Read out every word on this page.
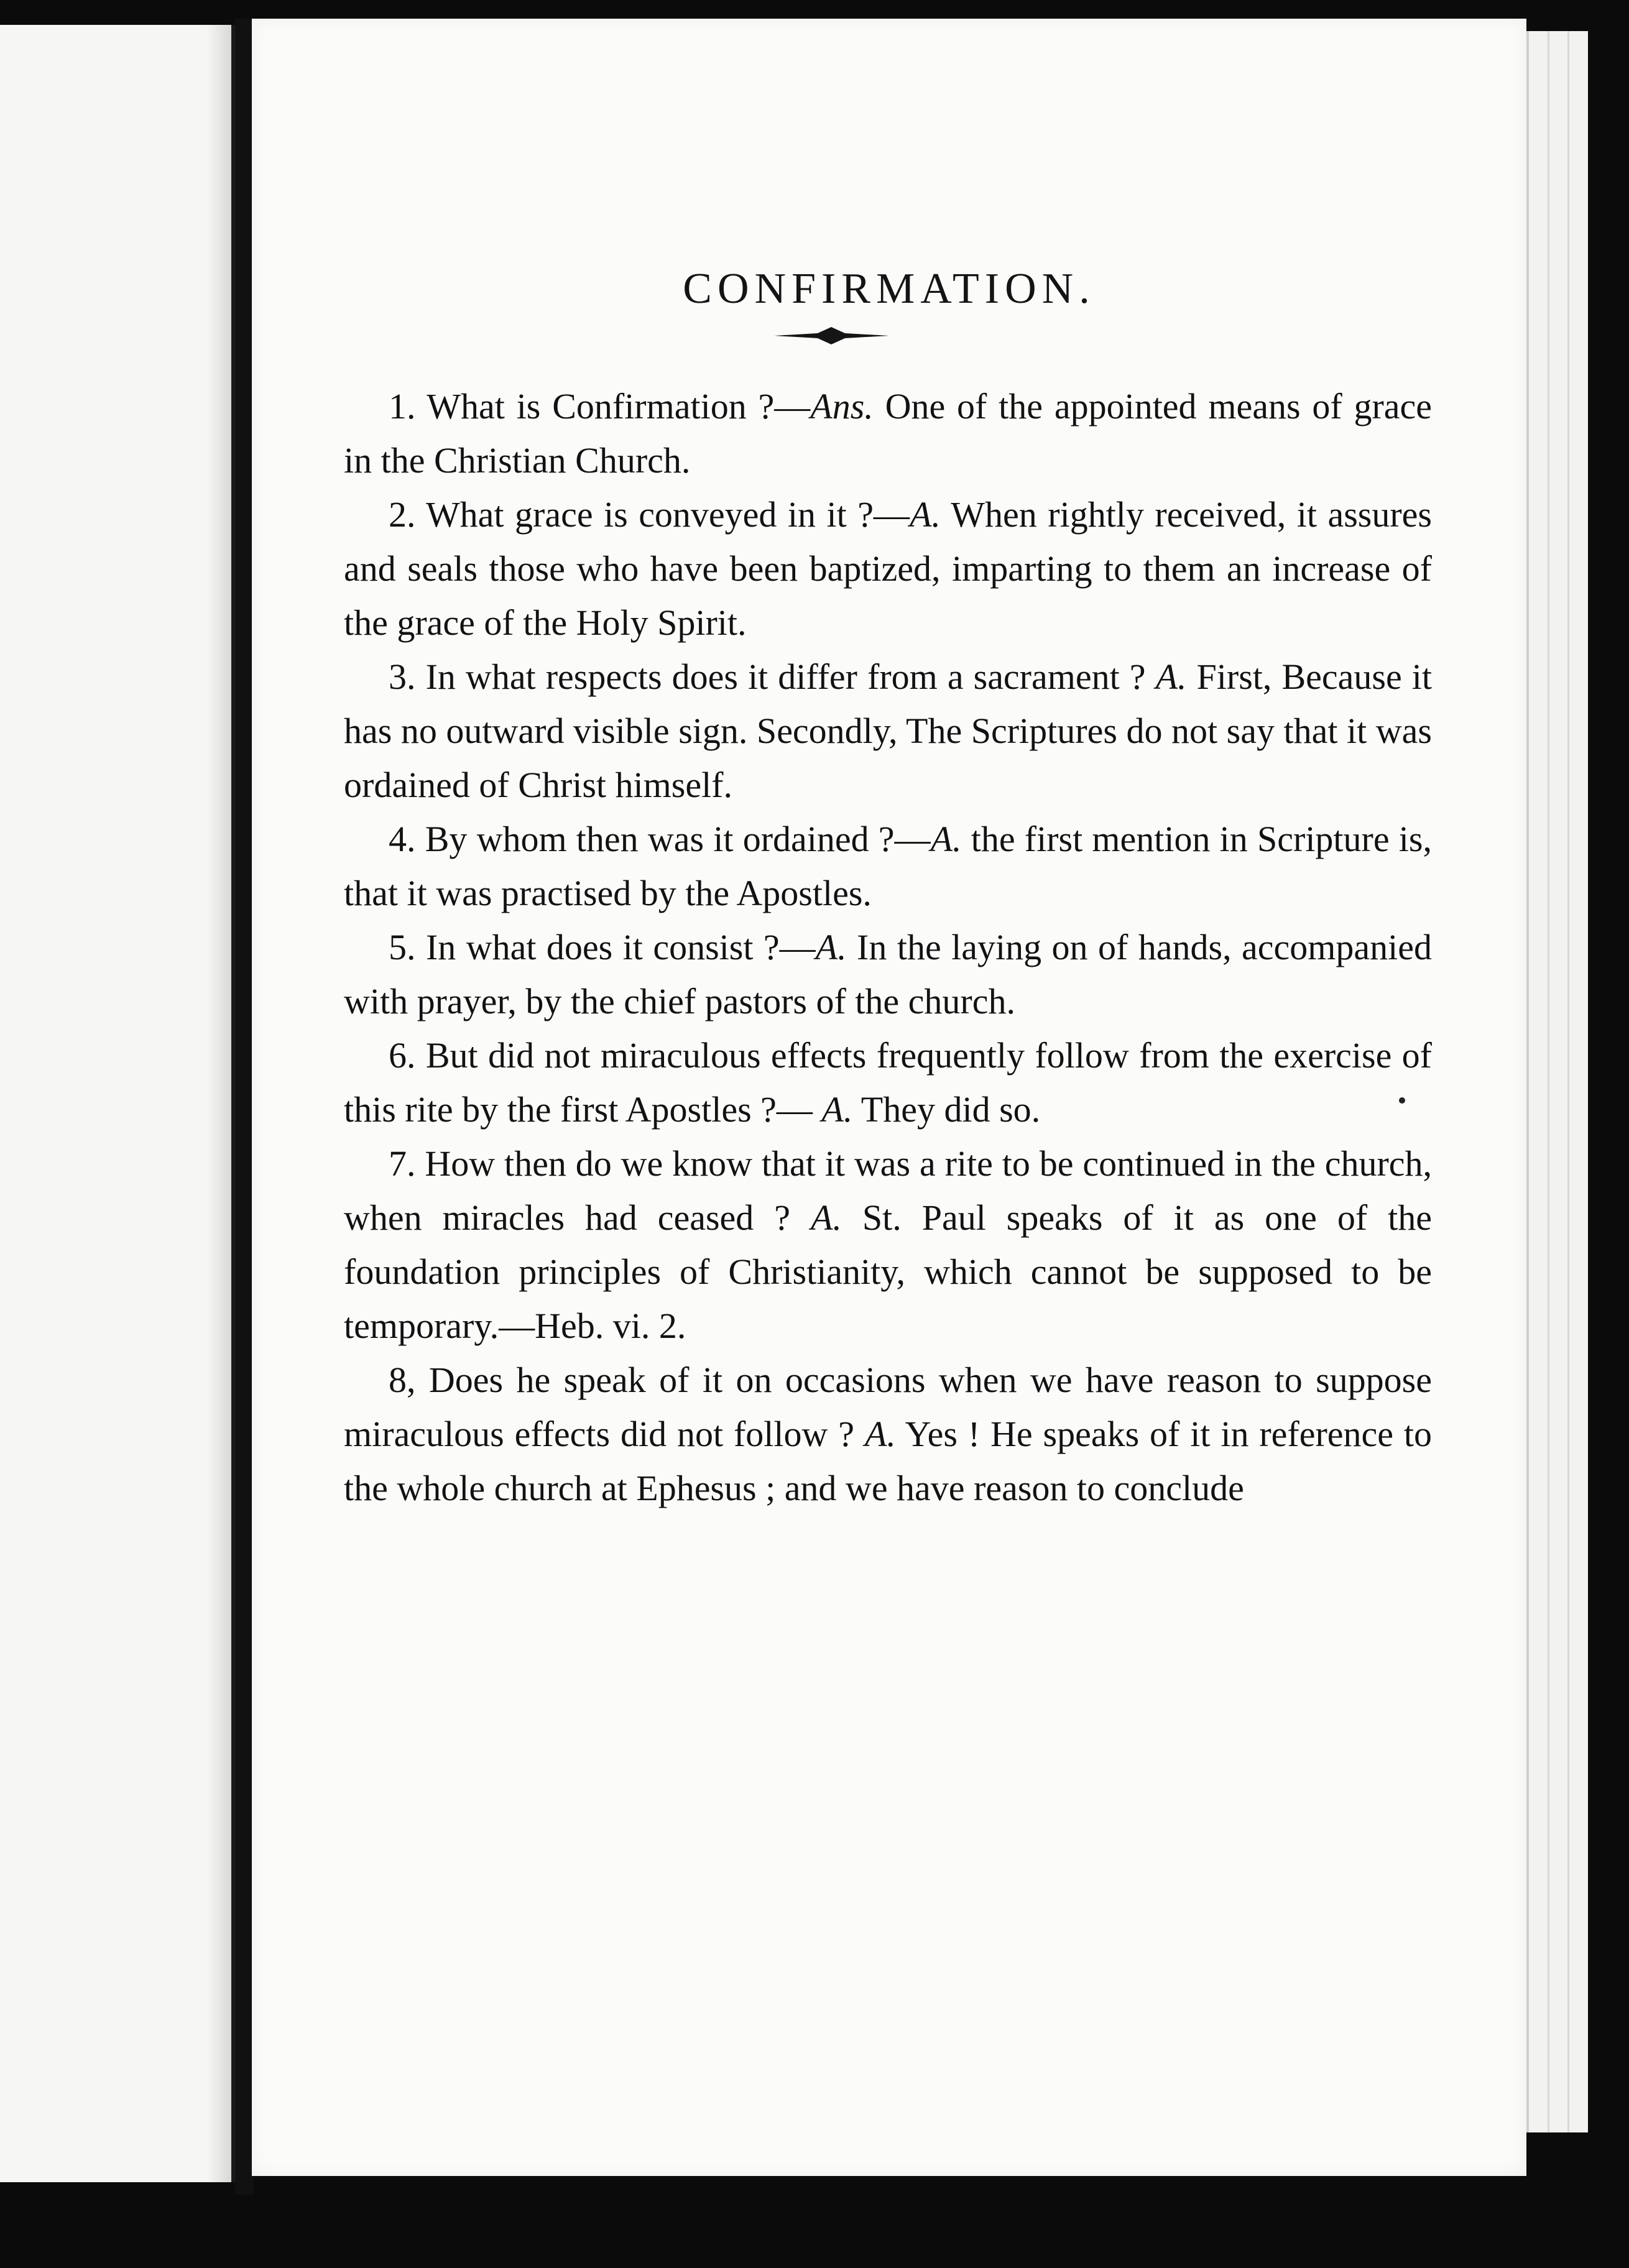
CONFIRMATION.

1. What is Confirmation ?—Ans. One of the appointed means of grace in the Christian Church.

2. What grace is conveyed in it ?—A. When rightly received, it assures and seals those who have been baptized, imparting to them an increase of the grace of the Holy Spirit.

3. In what respects does it differ from a sacrament ? A. First, Because it has no outward visible sign. Secondly, The Scriptures do not say that it was ordained of Christ himself.

4. By whom then was it ordained ?—A. the first mention in Scripture is, that it was practised by the Apostles.

5. In what does it consist ?—A. In the laying on of hands, accompanied with prayer, by the chief pastors of the church.

6. But did not miraculous effects frequently follow from the exercise of this rite by the first Apostles ?— A. They did so.

7. How then do we know that it was a rite to be continued in the church, when miracles had ceased ? A. St. Paul speaks of it as one of the foundation principles of Christianity, which cannot be supposed to be temporary.—Heb. vi. 2.

8, Does he speak of it on occasions when we have reason to suppose miraculous effects did not follow ? A. Yes ! He speaks of it in reference to the whole church at Ephesus ; and we have reason to conclude
